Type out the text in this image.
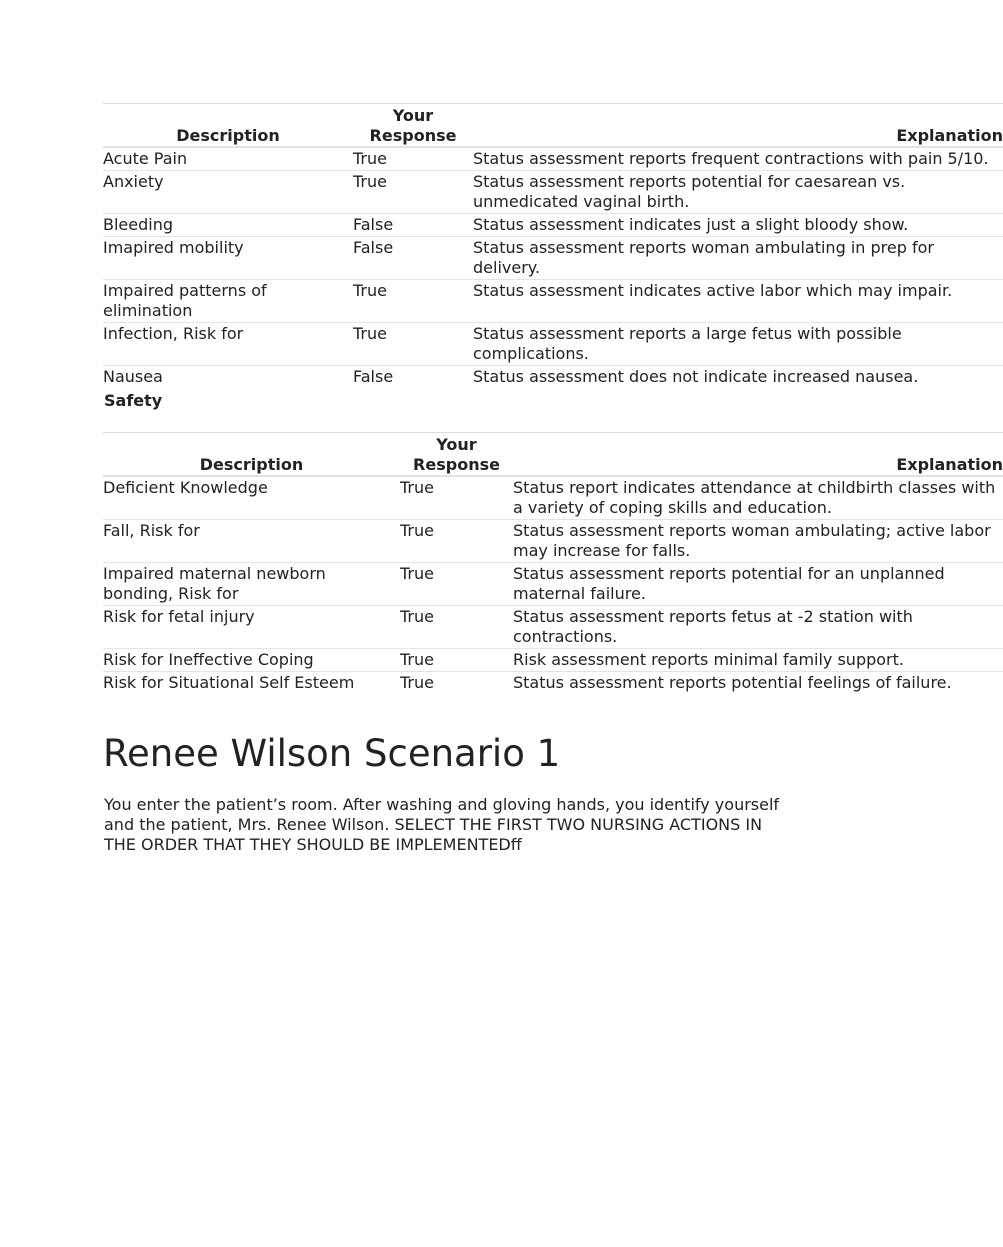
Description	Your Response	Explanation
Acute Pain	True	Status assessment reports frequent contractions with pain 5/10.
Anxiety	True	Status assessment reports potential for caesarean vs. unmedicated vaginal birth.
Bleeding	False	Status assessment indicates just a slight bloody show.
Imapired mobility	False	Status assessment reports woman ambulating in prep for delivery.
Impaired patterns of elimination	True	Status assessment indicates active labor which may impair.
Infection, Risk for	True	Status assessment reports a large fetus with possible complications.
Nausea	False	Status assessment does not indicate increased nausea.
Safety
Description	Your Response	Explanation
Deficient Knowledge	True	Status report indicates attendance at childbirth classes with a variety of coping skills and education.
Fall, Risk for	True	Status assessment reports woman ambulating; active labor may increase for falls.
Impaired maternal newborn bonding, Risk for	True	Status assessment reports potential for an unplanned maternal failure.
Risk for fetal injury	True	Status assessment reports fetus at -2 station with contractions.
Risk for Ineffective Coping	True	Risk assessment reports minimal family support.
Risk for Situational Self Esteem	True	Status assessment reports potential feelings of failure.
Renee Wilson Scenario 1

You enter the patient’s room. After washing and gloving hands, you identify yourself and the patient, Mrs. Renee Wilson. SELECT THE FIRST TWO NURSING ACTIONS IN THE ORDER THAT THEY SHOULD BE IMPLEMENTEDff
